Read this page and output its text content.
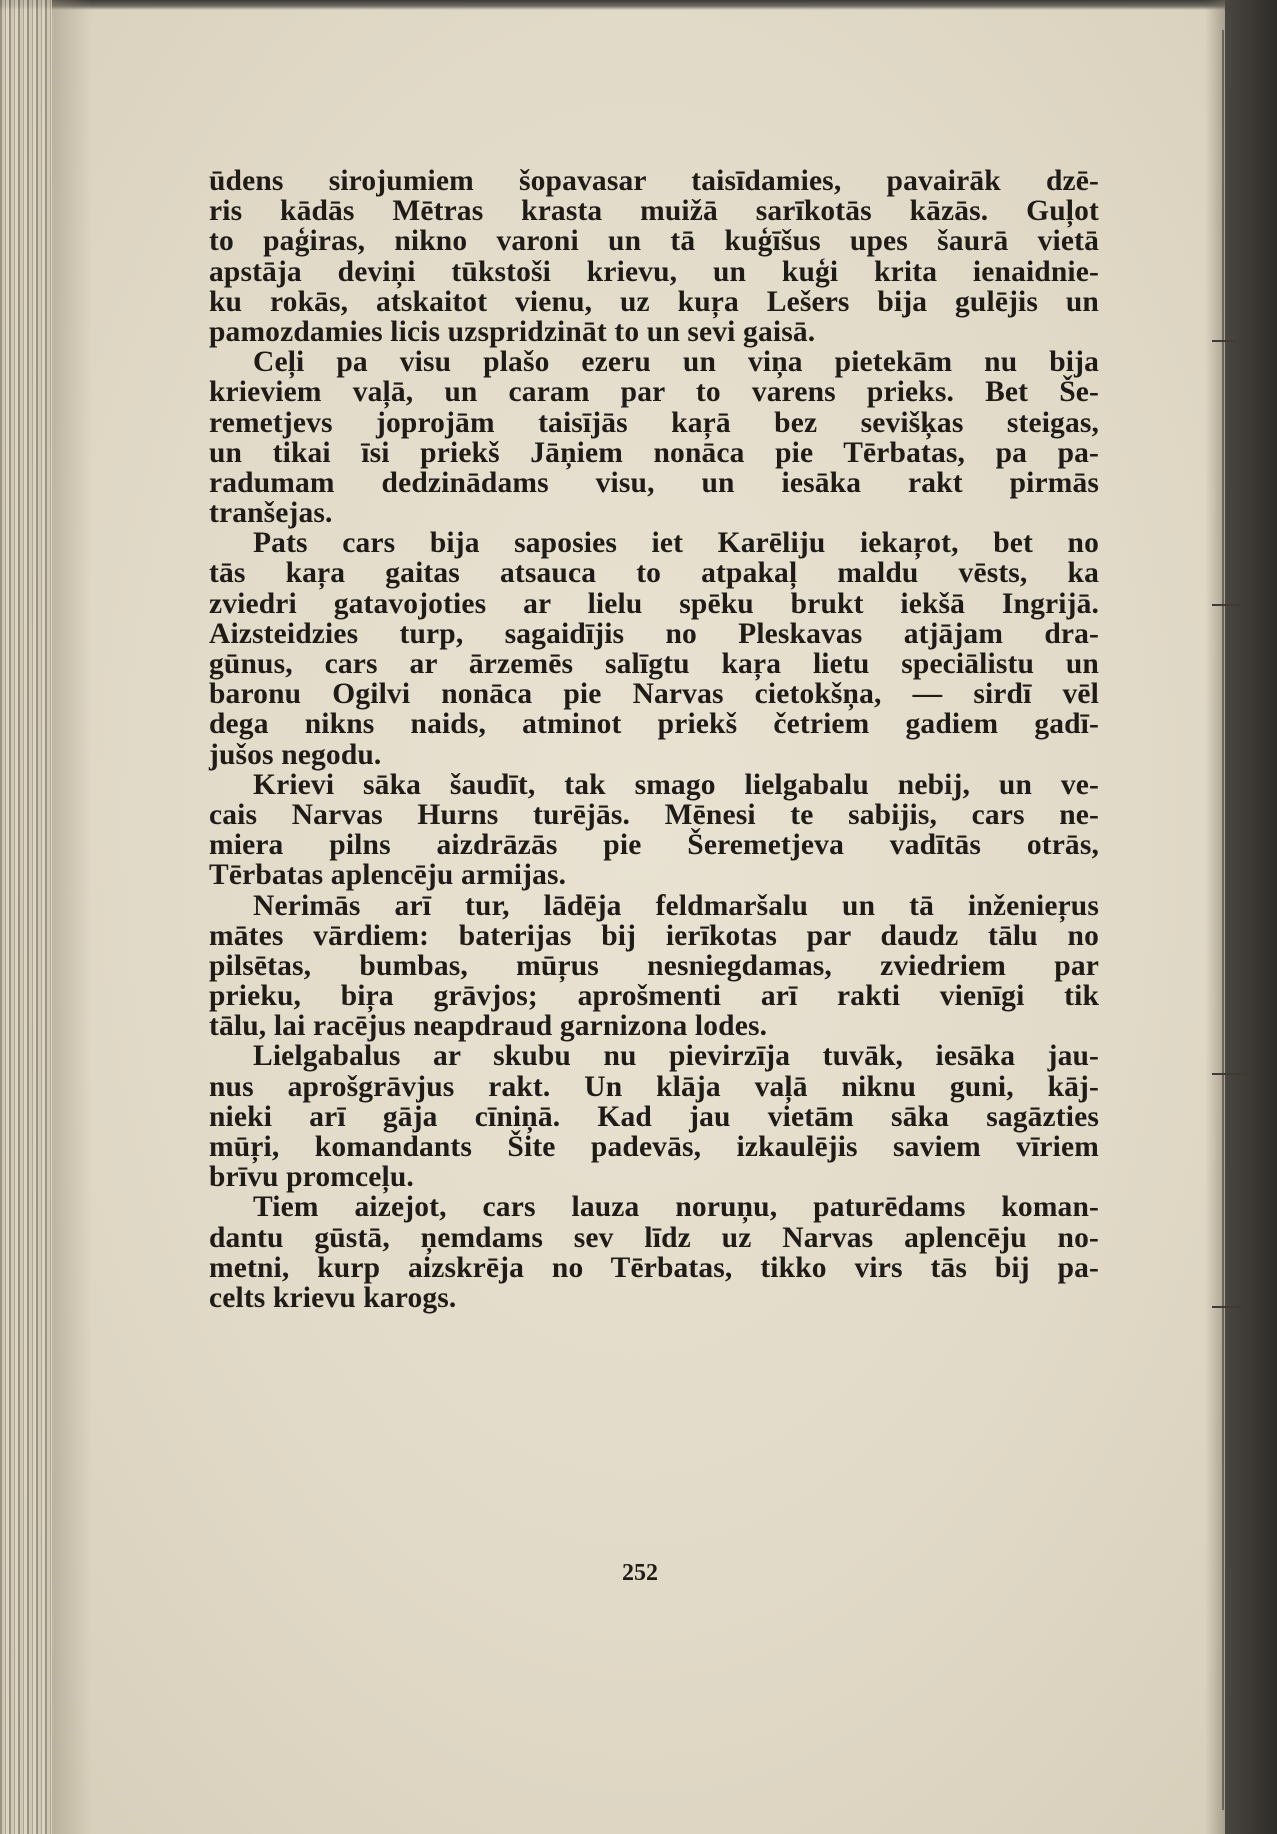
ūdens sirojumiem šopavasar taisīdamies, pavairāk dzē-
ris kādās Mētras krasta muižā sarīkotās kāzās. Guļot
to paģiras, nikno varoni un tā kuģīšus upes šaurā vietā
apstāja deviņi tūkstoši krievu, un kuģi krita ienaidnie-
ku rokās, atskaitot vienu, uz kuŗa Lešers bija gulējis un
pamozdamies licis uzspridzināt to un sevi gaisā.
Ceļi pa visu plašo ezeru un viņa pietekām nu bija
krieviem vaļā, un caram par to varens prieks. Bet Še-
remetjevs joprojām taisījās kaŗā bez sevišķas steigas,
un tikai īsi priekš Jāņiem nonāca pie Tērbatas, pa pa-
radumam dedzinādams visu, un iesāka rakt pirmās
tranšejas.
Pats cars bija saposies iet Karēliju iekaŗot, bet no
tās kaŗa gaitas atsauca to atpakaļ maldu vēsts, ka
zviedri gatavojoties ar lielu spēku brukt iekšā Ingrijā.
Aizsteidzies turp, sagaidījis no Pleskavas atjājam dra-
gūnus, cars ar ārzemēs salīgtu kaŗa lietu speciālistu un
baronu Ogilvi nonāca pie Narvas cietokšņa, — sirdī vēl
dega nikns naids, atminot priekš četriem gadiem gadī-
jušos negodu.
Krievi sāka šaudīt, tak smago lielgabalu nebij, un ve-
cais Narvas Hurns turējās. Mēnesi te sabijis, cars ne-
miera pilns aizdrāzās pie Šeremetjeva vadītās otrās,
Tērbatas aplencēju armijas.
Nerimās arī tur, lādēja feldmaršalu un tā inženieŗus
mātes vārdiem: baterijas bij ierīkotas par daudz tālu no
pilsētas, bumbas, mūŗus nesniegdamas, zviedriem par
prieku, biŗa grāvjos; aprošmenti arī rakti vienīgi tik
tālu, lai racējus neapdraud garnizona lodes.
Lielgabalus ar skubu nu pievirzīja tuvāk, iesāka jau-
nus aprošgrāvjus rakt. Un klāja vaļā niknu guni, kāj-
nieki arī gāja cīniņā. Kad jau vietām sāka sagāzties
mūŗi, komandants Šite padevās, izkaulējis saviem vīriem
brīvu promceļu.
Tiem aizejot, cars lauza noruņu, paturēdams koman-
dantu gūstā, ņemdams sev līdz uz Narvas aplencēju no-
metni, kurp aizskrēja no Tērbatas, tikko virs tās bij pa-
celts krievu karogs.
252
